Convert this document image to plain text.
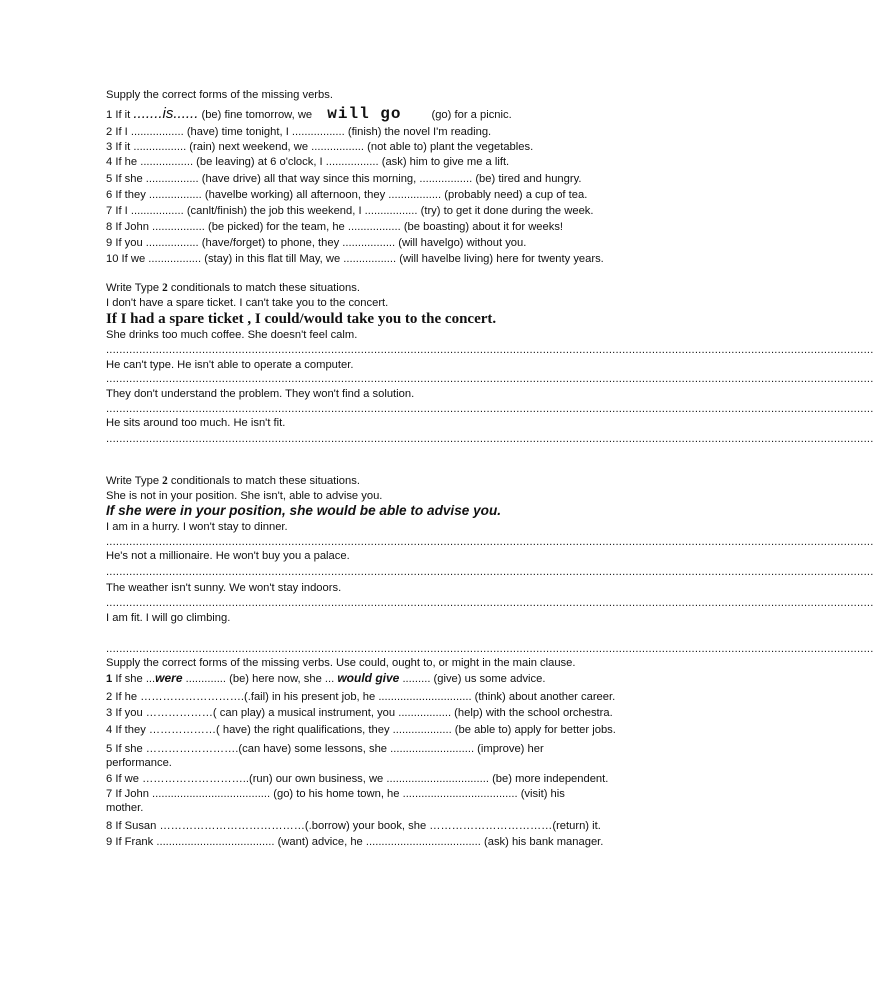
Supply the correct forms of the missing verbs.
1 If it .......is...... (be) fine tomorrow, we will go	(go) for a picnic.
2 If I ................. (have) time tonight, I ................. (finish) the novel I'm reading.
3 If it ................. (rain) next weekend, we ................. (not able to) plant the vegetables.
4 If he ................. (be leaving) at 6 o'clock, I ................. (ask) him to give me a lift.
5 If she ................. (have drive) all that way since this morning, ................. (be) tired and hungry.
6 If they ................. (havelbe working) all afternoon, they ................. (probably need) a cup of tea.
7 If I ................. (canlt/finish) the job this weekend, I ................. (try) to get it done during the week.
8 If John ................. (be picked) for the team, he ................. (be boasting) about it for weeks!
9 If you ................. (have/forget) to phone, they ................. (will havelgo) without you.
10 If we ................. (stay) in this flat till May, we ................. (will havelbe living) here for twenty years.
Write Type 2 conditionals to match these situations.
I don't have a spare ticket. I can't take you to the concert.
If I had a spare ticket , I could/would take you to the concert.
She drinks too much coffee. She doesn't feel calm.
........................................................................................................................................................................................................................................
He can't type. He isn't able to operate a computer.
........................................................................................................................................................................................................................................
They don't understand the problem. They won't find a solution.
........................................................................................................................................................................................................................................
He sits around too much. He isn't fit.
........................................................................................................................................................................................................................................
Write Type 2 conditionals to match these situations.
She is not in your position. She isn't, able to advise you.
If she were in your position, she would be able to advise you.
I am in a hurry. I won't stay to dinner.
........................................................................................................................................................................................................................................
He's not a millionaire. He won't buy you a palace.
........................................................................................................................................................................................................................................
The weather isn't sunny. We won't stay indoors.
........................................................................................................................................................................................................................................
I am fit. I will go climbing.
........................................................................................................................................................................................................................................
Supply the correct forms of the missing verbs. Use could, ought to, or might in the main clause.
1 If she ...were ............. (be) here now, she ... would give ......... (give) us some advice.
2 If he ……………………….(.fail) in his present job, he .............................. (think) about another career.
3 If you ………………( can play) a musical instrument, you ................. (help) with the school orchestra.
4 If they ………………( have) the right qualifications, they ................... (be able to) apply for better jobs.
5 If she …………………….(can have) some lessons, she ........................... (improve) her
performance.
6 If we ………………………..(run) our own business, we ................................. (be) more independent.
7 If John ...................................... (go) to his home town, he ..................................... (visit) his
mother.
8 If Susan …………………………………(.borrow) your book, she ……………………………(return) it.
9 If Frank ...................................... (want) advice, he ..................................... (ask) his bank manager.
